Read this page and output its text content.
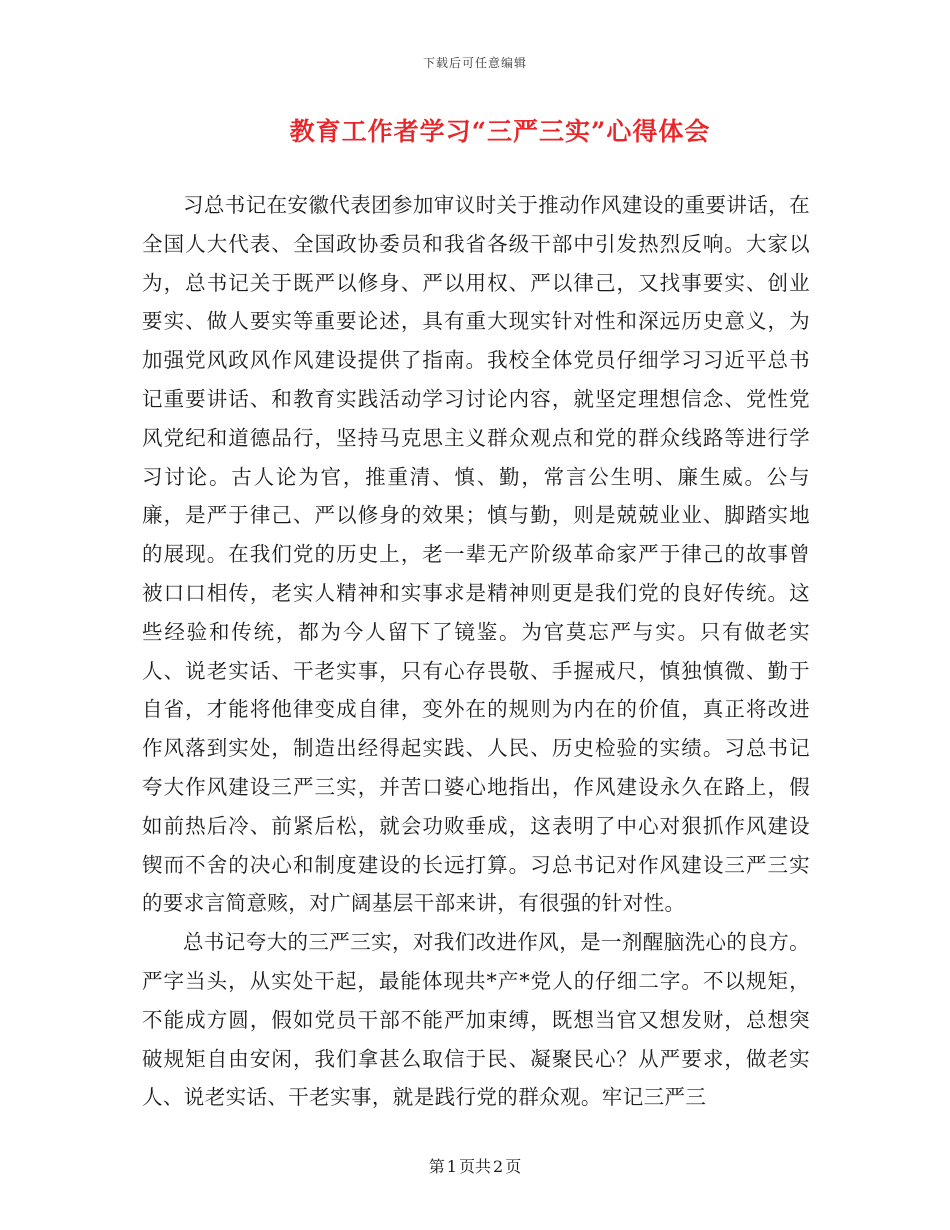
下载后可任意编辑
教育工作者学习“三严三实”心得体会

习总书记在安徽代表团参加审议时关于推动作风建设的重要讲话，在全国人大代表、全国政协委员和我省各级干部中引发热烈反响。大家以为，总书记关于既严以修身、严以用权、严以律己，又找事要实、创业要实、做人要实等重要论述，具有重大现实针对性和深远历史意义，为加强党风政风作风建设提供了指南。我校全体党员仔细学习习近平总书记重要讲话、和教育实践活动学习讨论内容，就坚定理想信念、党性党风党纪和道德品行，坚持马克思主义群众观点和党的群众线路等进行学习讨论。古人论为官，推重清、慎、勤，常言公生明、廉生威。公与廉，是严于律己、严以修身的效果；慎与勤，则是兢兢业业、脚踏实地的展现。在我们党的历史上，老一辈无产阶级革命家严于律己的故事曾被口口相传，老实人精神和实事求是精神则更是我们党的良好传统。这些经验和传统，都为今人留下了镜鉴。为官莫忘严与实。只有做老实人、说老实话、干老实事，只有心存畏敬、手握戒尺，慎独慎微、勤于自省，才能将他律变成自律，变外在的规则为内在的价值，真正将改进作风落到实处，制造出经得起实践、人民、历史检验的实绩。习总书记夸大作风建设三严三实，并苦口婆心地指出，作风建设永久在路上，假如前热后冷、前紧后松，就会功败垂成，这表明了中心对狠抓作风建设锲而不舍的决心和制度建设的长远打算。习总书记对作风建设三严三实的要求言简意赅，对广阔基层干部来讲，有很强的针对性。

总书记夸大的三严三实，对我们改进作风，是一剂醒脑洗心的良方。严字当头，从实处干起，最能体现共*产*党人的仔细二字。不以规矩，不能成方圆，假如党员干部不能严加束缚，既想当官又想发财，总想突破规矩自由安闲，我们拿甚么取信于民、凝聚民心？从严要求，做老实人、说老实话、干老实事，就是践行党的群众观。牢记三严三

第 1 页共 2 页
